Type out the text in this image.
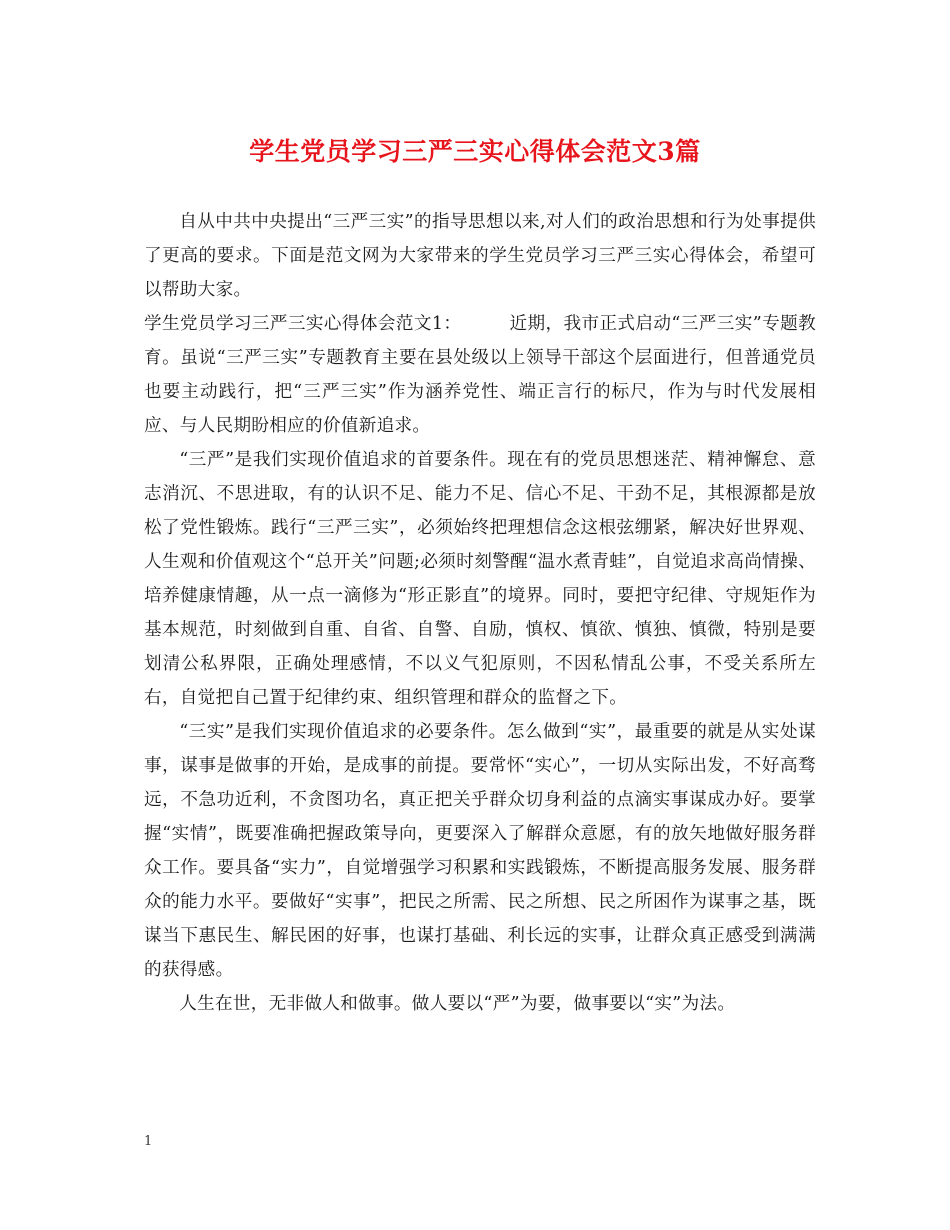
学生党员学习三严三实心得体会范文3篇

自从中共中央提出“三严三实”的指导思想以来,对人们的政治思想和行为处事提供了更高的要求。下面是范文网为大家带来的学生党员学习三严三实心得体会，希望可以帮助大家。

学生党员学习三严三实心得体会范文1：	近期，我市正式启动“三严三实”专题教育。虽说“三严三实”专题教育主要在县处级以上领导干部这个层面进行，但普通党员也要主动践行，把“三严三实”作为涵养党性、端正言行的标尺，作为与时代发展相应、与人民期盼相应的价值新追求。

“三严”是我们实现价值追求的首要条件。现在有的党员思想迷茫、精神懈怠、意志消沉、不思进取，有的认识不足、能力不足、信心不足、干劲不足，其根源都是放松了党性锻炼。践行“三严三实”，必须始终把理想信念这根弦绷紧，解决好世界观、人生观和价值观这个“总开关”问题;必须时刻警醒“温水煮青蛙”，自觉追求高尚情操、培养健康情趣，从一点一滴修为“形正影直”的境界。同时，要把守纪律、守规矩作为基本规范，时刻做到自重、自省、自警、自励，慎权、慎欲、慎独、慎微，特别是要划清公私界限，正确处理感情，不以义气犯原则，不因私情乱公事，不受关系所左右，自觉把自己置于纪律约束、组织管理和群众的监督之下。

“三实”是我们实现价值追求的必要条件。怎么做到“实”，最重要的就是从实处谋事，谋事是做事的开始，是成事的前提。要常怀“实心”，一切从实际出发，不好高骛远，不急功近利，不贪图功名，真正把关乎群众切身利益的点滴实事谋成办好。要掌握“实情”，既要准确把握政策导向，更要深入了解群众意愿，有的放矢地做好服务群众工作。要具备“实力”，自觉增强学习积累和实践锻炼，不断提高服务发展、服务群众的能力水平。要做好“实事”，把民之所需、民之所想、民之所困作为谋事之基，既谋当下惠民生、解民困的好事，也谋打基础、利长远的实事，让群众真正感受到满满的获得感。

人生在世，无非做人和做事。做人要以“严”为要，做事要以“实”为法。

1
